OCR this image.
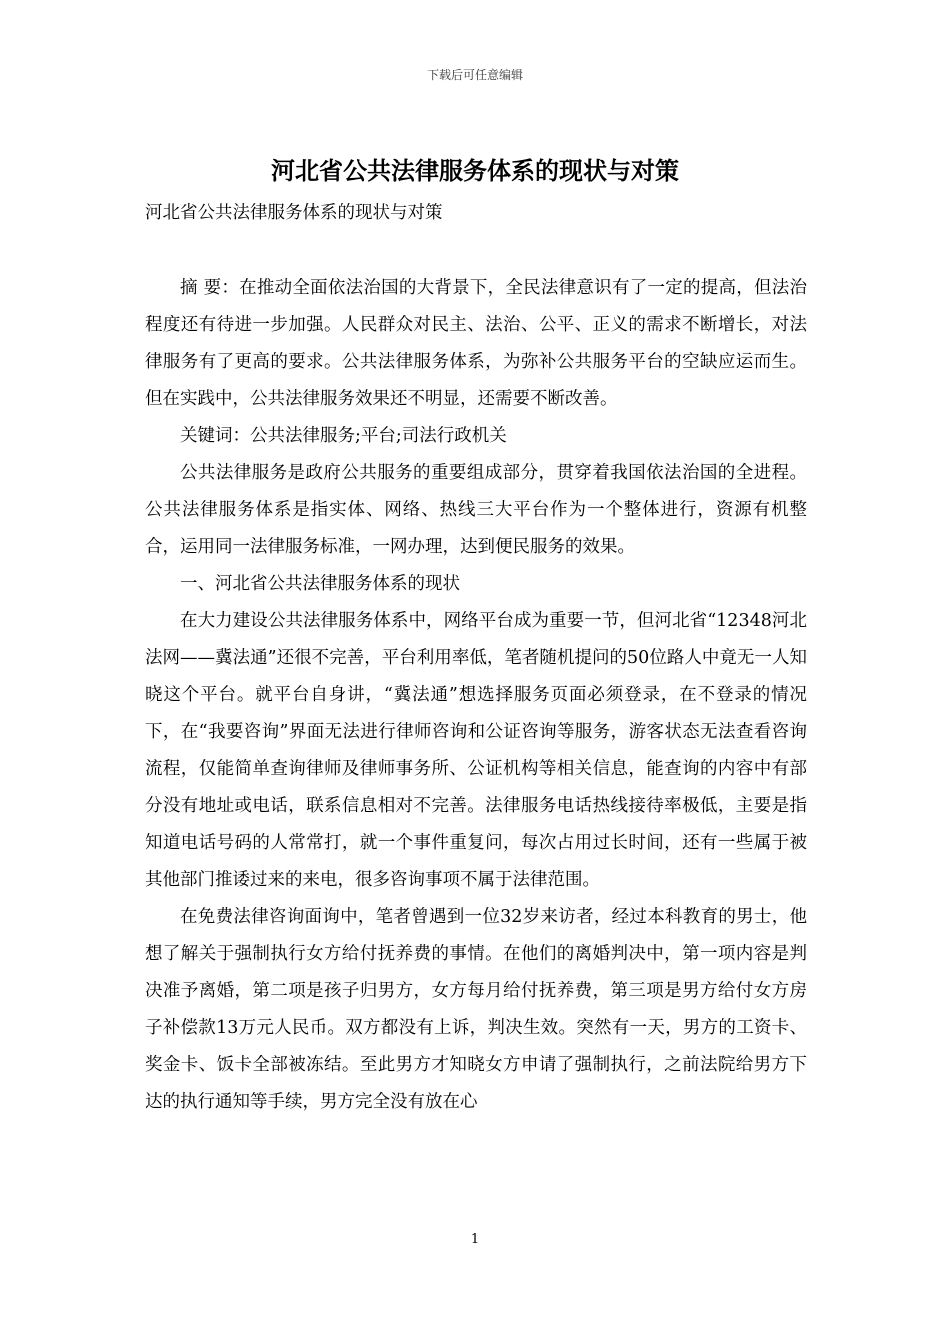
下载后可任意编辑
河北省公共法律服务体系的现状与对策

河北省公共法律服务体系的现状与对策

摘 要：在推动全面依法治国的大背景下，全民法律意识有了一定的提高，但法治程度还有待进一步加强。人民群众对民主、法治、公平、正义的需求不断增长，对法律服务有了更高的要求。公共法律服务体系，为弥补公共服务平台的空缺应运而生。但在实践中，公共法律服务效果还不明显，还需要不断改善。

关键词：公共法律服务;平台;司法行政机关

公共法律服务是政府公共服务的重要组成部分，贯穿着我国依法治国的全进程。公共法律服务体系是指实体、网络、热线三大平台作为一个整体进行，资源有机整合，运用同一法律服务标准，一网办理，达到便民服务的效果。

一、河北省公共法律服务体系的现状

在大力建设公共法律服务体系中，网络平台成为重要一节，但河北省“12348河北法网——冀法通”还很不完善，平台利用率低，笔者随机提问的50位路人中竟无一人知晓这个平台。就平台自身讲，“冀法通”想选择服务页面必须登录，在不登录的情况下，在“我要咨询”界面无法进行律师咨询和公证咨询等服务，游客状态无法查看咨询流程，仅能简单查询律师及律师事务所、公证机构等相关信息，能查询的内容中有部分没有地址或电话，联系信息相对不完善。法律服务电话热线接待率极低，主要是指知道电话号码的人常常打，就一个事件重复问，每次占用过长时间，还有一些属于被其他部门推诿过来的来电，很多咨询事项不属于法律范围。

在免费法律咨询面询中，笔者曾遇到一位32岁来访者，经过本科教育的男士，他想了解关于强制执行女方给付抚养费的事情。在他们的离婚判决中，第一项内容是判决准予离婚，第二项是孩子归男方，女方每月给付抚养费，第三项是男方给付女方房子补偿款13万元人民币。双方都没有上诉，判决生效。突然有一天，男方的工资卡、奖金卡、饭卡全部被冻结。至此男方才知晓女方申请了强制执行，之前法院给男方下达的执行通知等手续，男方完全没有放在心

1
